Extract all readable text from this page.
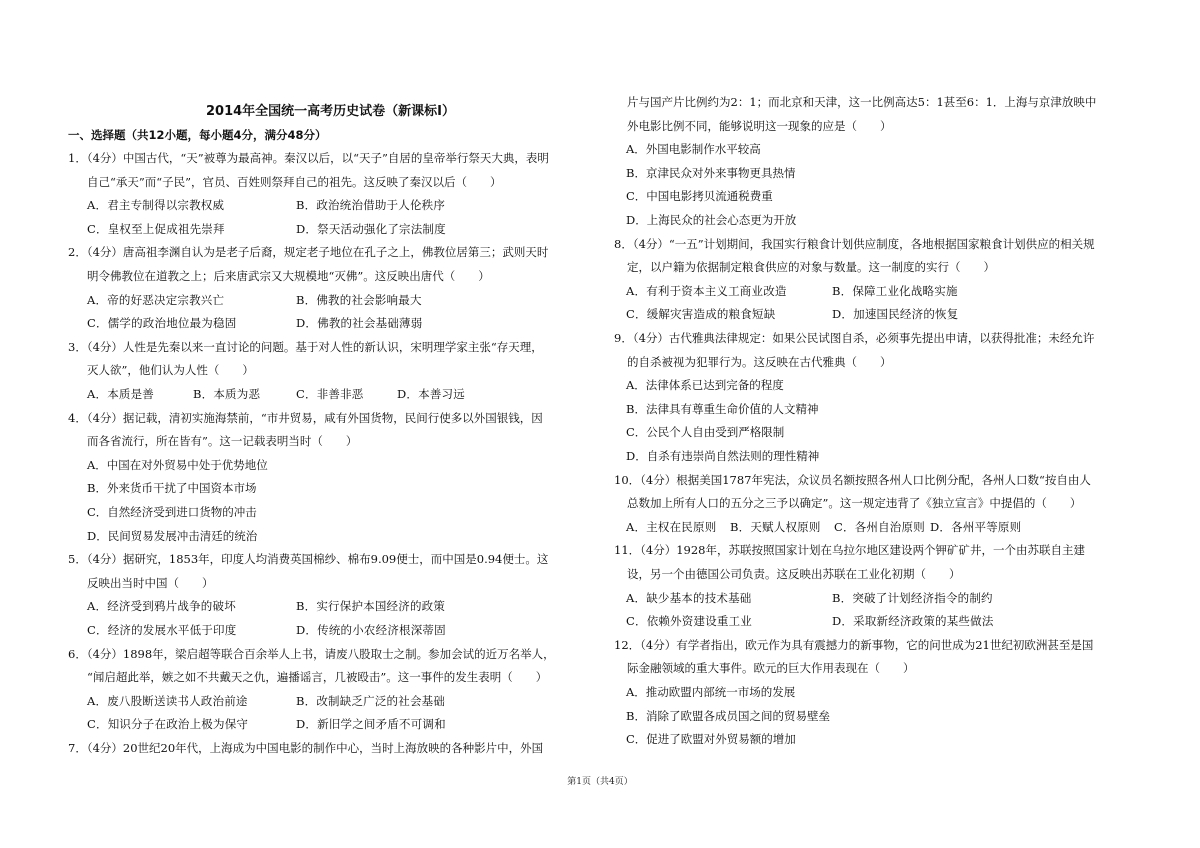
2014年全国统一高考历史试卷（新课标Ⅰ）
一、选择题（共12小题，每小题4分，满分48分）
1．（4分）中国古代，“天”被尊为最高神。秦汉以后，以“天子”自居的皇帝举行祭天大典，表明
自己“承天”而“子民”，官员、百姓则祭拜自己的祖先。这反映了秦汉以后（　　）
A．君主专制得以宗教权威	B．政治统治借助于人伦秩序
C．皇权至上促成祖先崇拜	D．祭天活动强化了宗法制度
2．（4分）唐高祖李渊自认为是老子后裔，规定老子地位在孔子之上，佛教位居第三；武则天时
明令佛教位在道教之上；后来唐武宗又大规模地“灭佛”。这反映出唐代（　　）
A．帝的好恶决定宗教兴亡	B．佛教的社会影响最大
C．儒学的政治地位最为稳固	D．佛教的社会基础薄弱
3．（4分）人性是先秦以来一直讨论的问题。基于对人性的新认识，宋明理学家主张“存天理，
灭人欲”，他们认为人性（　　）
A．本质是善	B．本质为恶	C．非善非恶	D．本善习远
4．（4分）据记载，清初实施海禁前，“市井贸易，咸有外国货物，民间行使多以外国银钱，因
而各省流行，所在皆有”。这一记载表明当时（　　）
A．中国在对外贸易中处于优势地位
B．外来货币干扰了中国资本市场
C．自然经济受到进口货物的冲击
D．民间贸易发展冲击清廷的统治
5．（4分）据研究，1853年，印度人均消费英国棉纱、棉布9.09便士，而中国是0.94便士。这
反映出当时中国（　　）
A．经济受到鸦片战争的破坏	B．实行保护本国经济的政策
C．经济的发展水平低于印度	D．传统的小农经济根深蒂固
6．（4分）1898年，梁启超等联合百余举人上书，请废八股取士之制。参加会试的近万名举人，
“闻启超此举，嫉之如不共戴天之仇，遍播谣言，几被殴击”。这一事件的发生表明（　　）
A．废八股断送读书人政治前途	B．改制缺乏广泛的社会基础
C．知识分子在政治上极为保守	D．新旧学之间矛盾不可调和
7．（4分）20世纪20年代，上海成为中国电影的制作中心，当时上海放映的各种影片中，外国
片与国产片比例约为2：1；而北京和天津，这一比例高达5：1甚至6：1．上海与京津放映中
外电影比例不同，能够说明这一现象的应是（　　）
A．外国电影制作水平较高
B．京津民众对外来事物更具热情
C．中国电影拷贝流通税费重
D．上海民众的社会心态更为开放
8．（4分）“一五”计划期间，我国实行粮食计划供应制度，各地根据国家粮食计划供应的相关规
定，以户籍为依据制定粮食供应的对象与数量。这一制度的实行（　　）
A．有利于资本主义工商业改造	B．保障工业化战略实施
C．缓解灾害造成的粮食短缺	D．加速国民经济的恢复
9．（4分）古代雅典法律规定：如果公民试图自杀，必须事先提出申请，以获得批准；未经允许
的自杀被视为犯罪行为。这反映在古代雅典（　　）
A．法律体系已达到完备的程度
B．法律具有尊重生命价值的人文精神
C．公民个人自由受到严格限制
D．自杀有违崇尚自然法则的理性精神
10．（4分）根据美国1787年宪法，众议员名额按照各州人口比例分配，各州人口数“按自由人
总数加上所有人口的五分之三予以确定”。这一规定违背了《独立宣言》中提倡的（　　）
A．主权在民原则 B．天赋人权原则 C．各州自治原则 D．各州平等原则
11．（4分）1928年，苏联按照国家计划在乌拉尔地区建设两个钾矿矿井，一个由苏联自主建
设，另一个由德国公司负责。这反映出苏联在工业化初期（　　）
A．缺少基本的技术基础	B．突破了计划经济指令的制约
C．依赖外资建设重工业	D．采取新经济政策的某些做法
12．（4分）有学者指出，欧元作为具有震撼力的新事物，它的问世成为21世纪初欧洲甚至是国
际金融领域的重大事件。欧元的巨大作用表现在（　　）
A．推动欧盟内部统一市场的发展
B．消除了欧盟各成员国之间的贸易壁垒
C．促进了欧盟对外贸易额的增加
第1页（共4页）
